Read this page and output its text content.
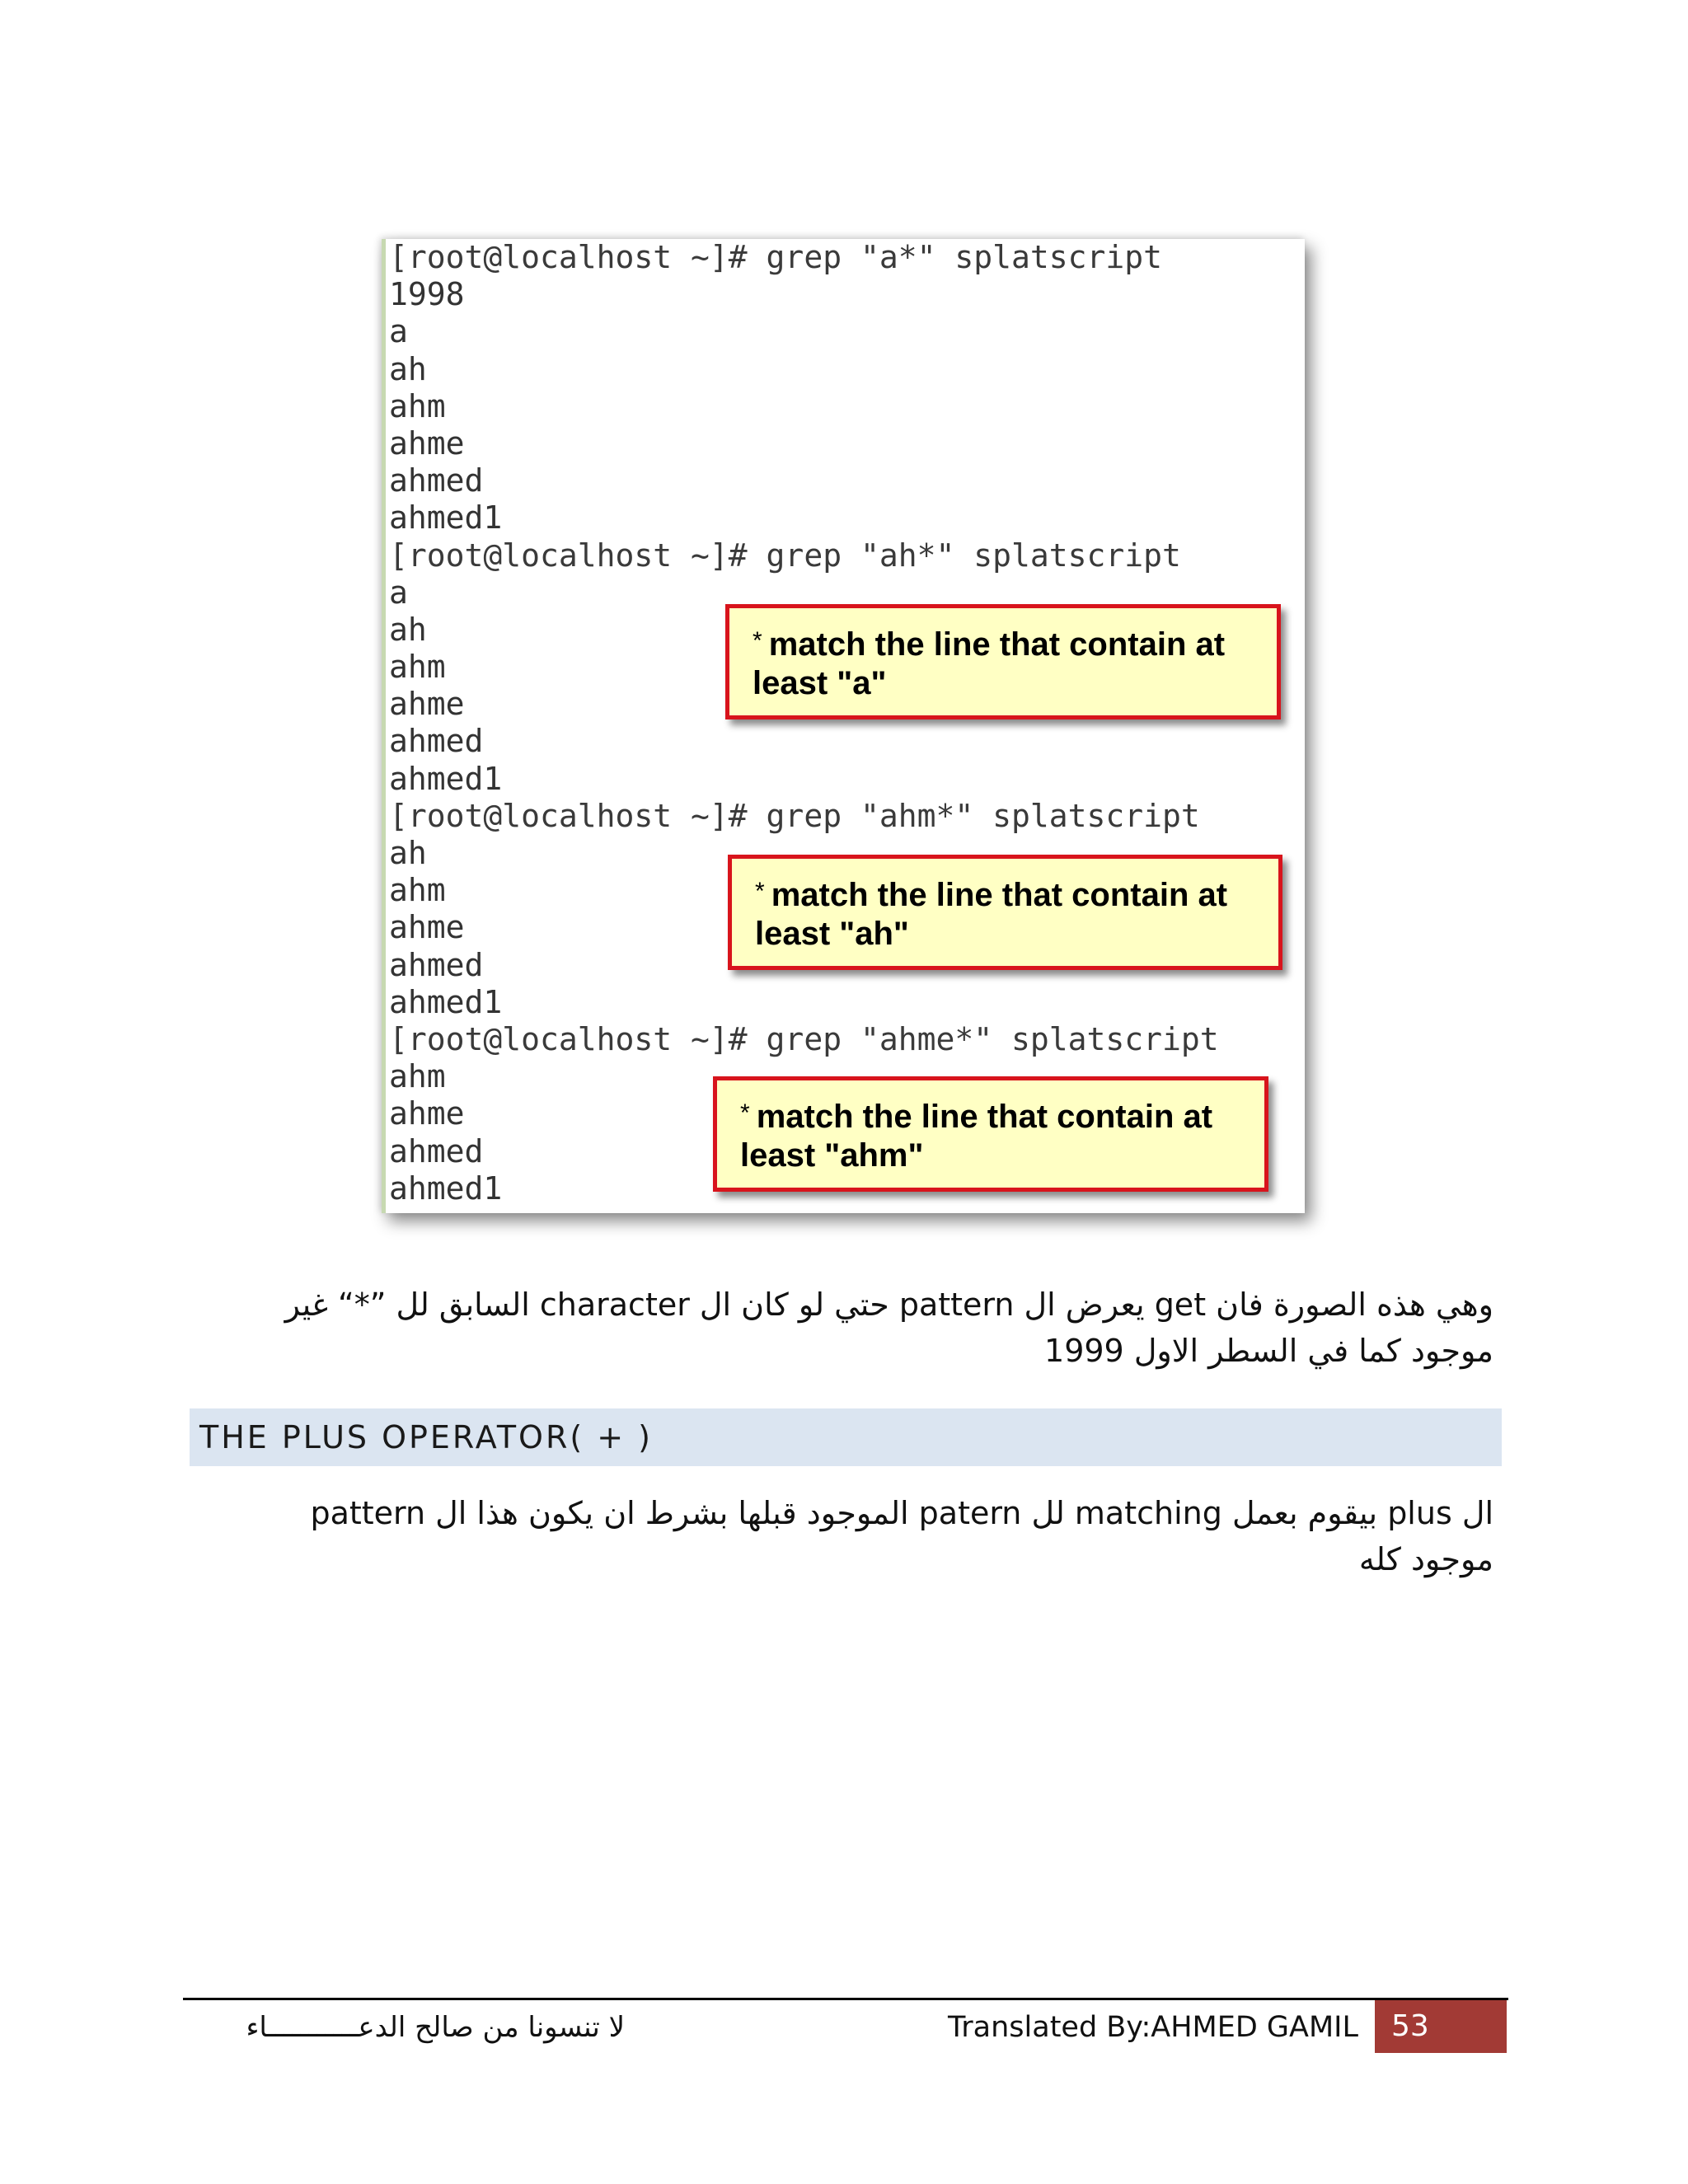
[root@localhost ~]# grep "a*" splatscript
1998
a
ah
ahm
ahme
ahmed
ahmed1
[root@localhost ~]# grep "ah*" splatscript
a
ah
ahm
ahme
ahmed
ahmed1
[root@localhost ~]# grep "ahm*" splatscript
ah
ahm
ahme
ahmed
ahmed1
[root@localhost ~]# grep "ahme*" splatscript
ahm
ahme
ahmed
ahmed1
* match the line that contain at
least "a"
* match the line that contain at
least "ah"
* match the line that contain at
least "ahm"
وهي هذه الصورة فان get يعرض ال pattern حتي لو كان ال character السابق لل ”*“ غير موجود كما في السطر الاول 1999
THE PLUS OPERATOR( + )
ال plus بيقوم بعمل matching لل patern الموجود قبلها بشرط ان يكون هذا ال pattern موجود كله
لا تنسونا من صالح الدعـــــــــــاء	Translated By:AHMED GAMIL	53
